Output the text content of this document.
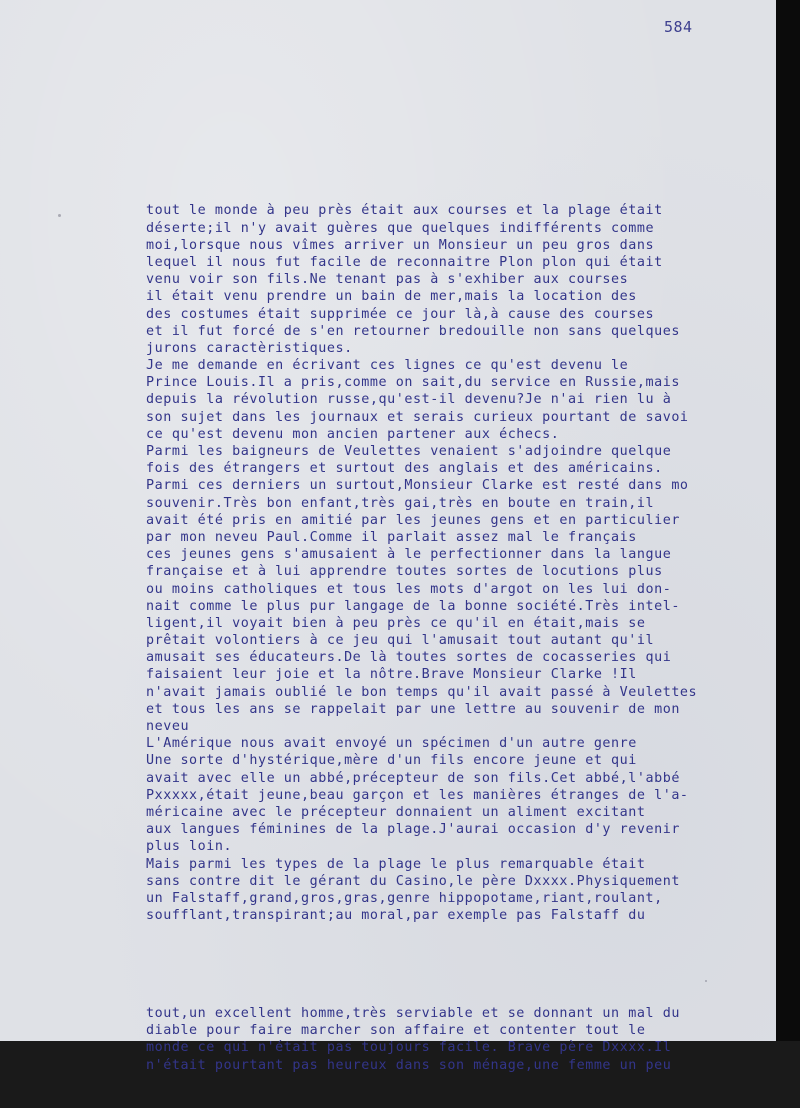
584

tout le monde à peu près était aux courses et la plage était
déserte;il n'y avait guères que quelques indifférents comme
moi,lorsque nous vîmes arriver un Monsieur un peu gros dans
lequel il nous fut facile de reconnaitre Plon plon qui était
venu voir son fils.Ne tenant pas à s'exhiber aux courses
il était venu prendre un bain de mer,mais la location des
des costumes était supprimée ce jour là,à cause des courses
et il fut forcé de s'en retourner bredouille non sans quelques
jurons caractèristiques.
Je me demande en écrivant ces lignes ce qu'est devenu le
Prince Louis.Il a pris,comme on sait,du service en Russie,mais
depuis la révolution russe,qu'est-il devenu?Je n'ai rien lu à
son sujet dans les journaux et serais curieux pourtant de savoi
ce qu'est devenu mon ancien partener aux échecs.
Parmi les baigneurs de Veulettes venaient s'adjoindre quelque
fois des étrangers et surtout des anglais et des américains.
Parmi ces derniers un surtout,Monsieur Clarke est resté dans mo
souvenir.Très bon enfant,très gai,très en boute en train,il
avait été pris en amitié par les jeunes gens et en particulier
par mon neveu Paul.Comme il parlait assez mal le français
ces jeunes gens s'amusaient à le perfectionner dans la langue
française et à lui apprendre toutes sortes de locutions plus
ou moins catholiques et tous les mots d'argot on les lui don-
nait comme le plus pur langage de la bonne société.Très intel-
ligent,il voyait bien à peu près ce qu'il en était,mais se
prêtait volontiers à ce jeu qui l'amusait tout autant qu'il
amusait ses éducateurs.De là toutes sortes de cocasseries qui
faisaient leur joie et la nôtre.Brave Monsieur Clarke !Il
n'avait jamais oublié le bon temps qu'il avait passé à Veulettes
et tous les ans se rappelait par une lettre au souvenir de mon
neveu
L'Amérique nous avait envoyé un spécimen d'un autre genre
Une sorte d'hystérique,mère d'un fils encore jeune et qui
avait avec elle un abbé,précepteur de son fils.Cet abbé,l'abbé
Pxxxxx,était jeune,beau garçon et les manières étranges de l'a-
méricaine avec le précepteur donnaient un aliment excitant
aux langues féminines de la plage.J'aurai occasion d'y revenir
plus loin.
Mais parmi les types de la plage le plus remarquable était
sans contre dit le gérant du Casino,le père Dxxxx.Physiquement
un Falstaff,grand,gros,gras,genre hippopotame,riant,roulant,
soufflant,transpirant;au moral,par exemple pas Falstaff du

tout,un excellent homme,très serviable et se donnant un mal du
diable pour faire marcher son affaire et contenter tout le
monde ce qui n'était pas toujours facile. Brave père Dxxxx.Il
n'était pourtant pas heureux dans son ménage,une femme un peu
